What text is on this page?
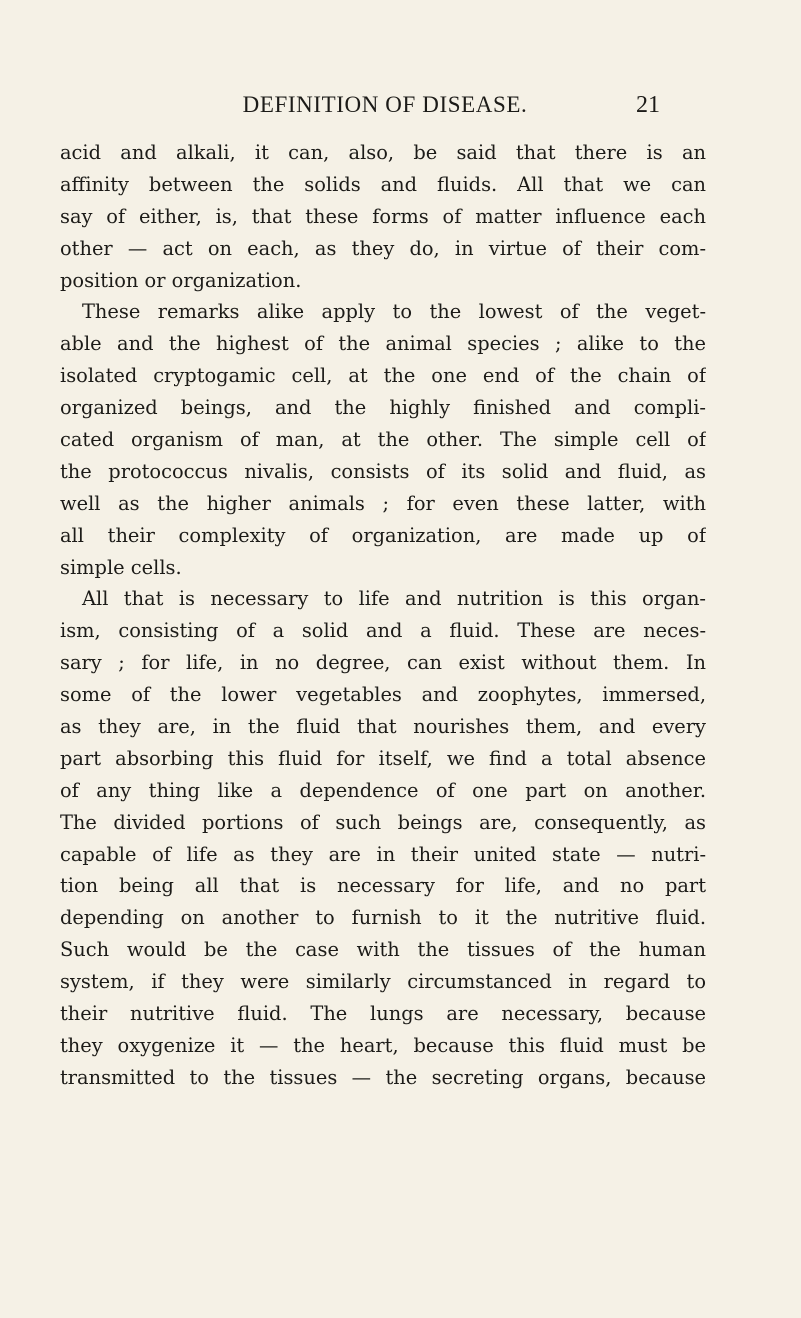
DEFINITION OF DISEASE.	21
acid and alkali, it can, also, be said that there is an
affinity between the solids and fluids. All that we can
say of either, is, that these forms of matter influence each
other — act on each, as they do, in virtue of their com-
position or organization.
These remarks alike apply to the lowest of the veget-
able and the highest of the animal species ; alike to the
isolated cryptogamic cell, at the one end of the chain of
organized beings, and the highly finished and compli-
cated organism of man, at the other. The simple cell of
the protococcus nivalis, consists of its solid and fluid, as
well as the higher animals ; for even these latter, with
all their complexity of organization, are made up of
simple cells.
All that is necessary to life and nutrition is this organ-
ism, consisting of a solid and a fluid. These are neces-
sary ; for life, in no degree, can exist without them. In
some of the lower vegetables and zoophytes, immersed,
as they are, in the fluid that nourishes them, and every
part absorbing this fluid for itself, we find a total absence
of any thing like a dependence of one part on another.
The divided portions of such beings are, consequently, as
capable of life as they are in their united state — nutri-
tion being all that is necessary for life, and no part
depending on another to furnish to it the nutritive fluid.
Such would be the case with the tissues of the human
system, if they were similarly circumstanced in regard to
their nutritive fluid. The lungs are necessary, because
they oxygenize it — the heart, because this fluid must be
transmitted to the tissues — the secreting organs, because
